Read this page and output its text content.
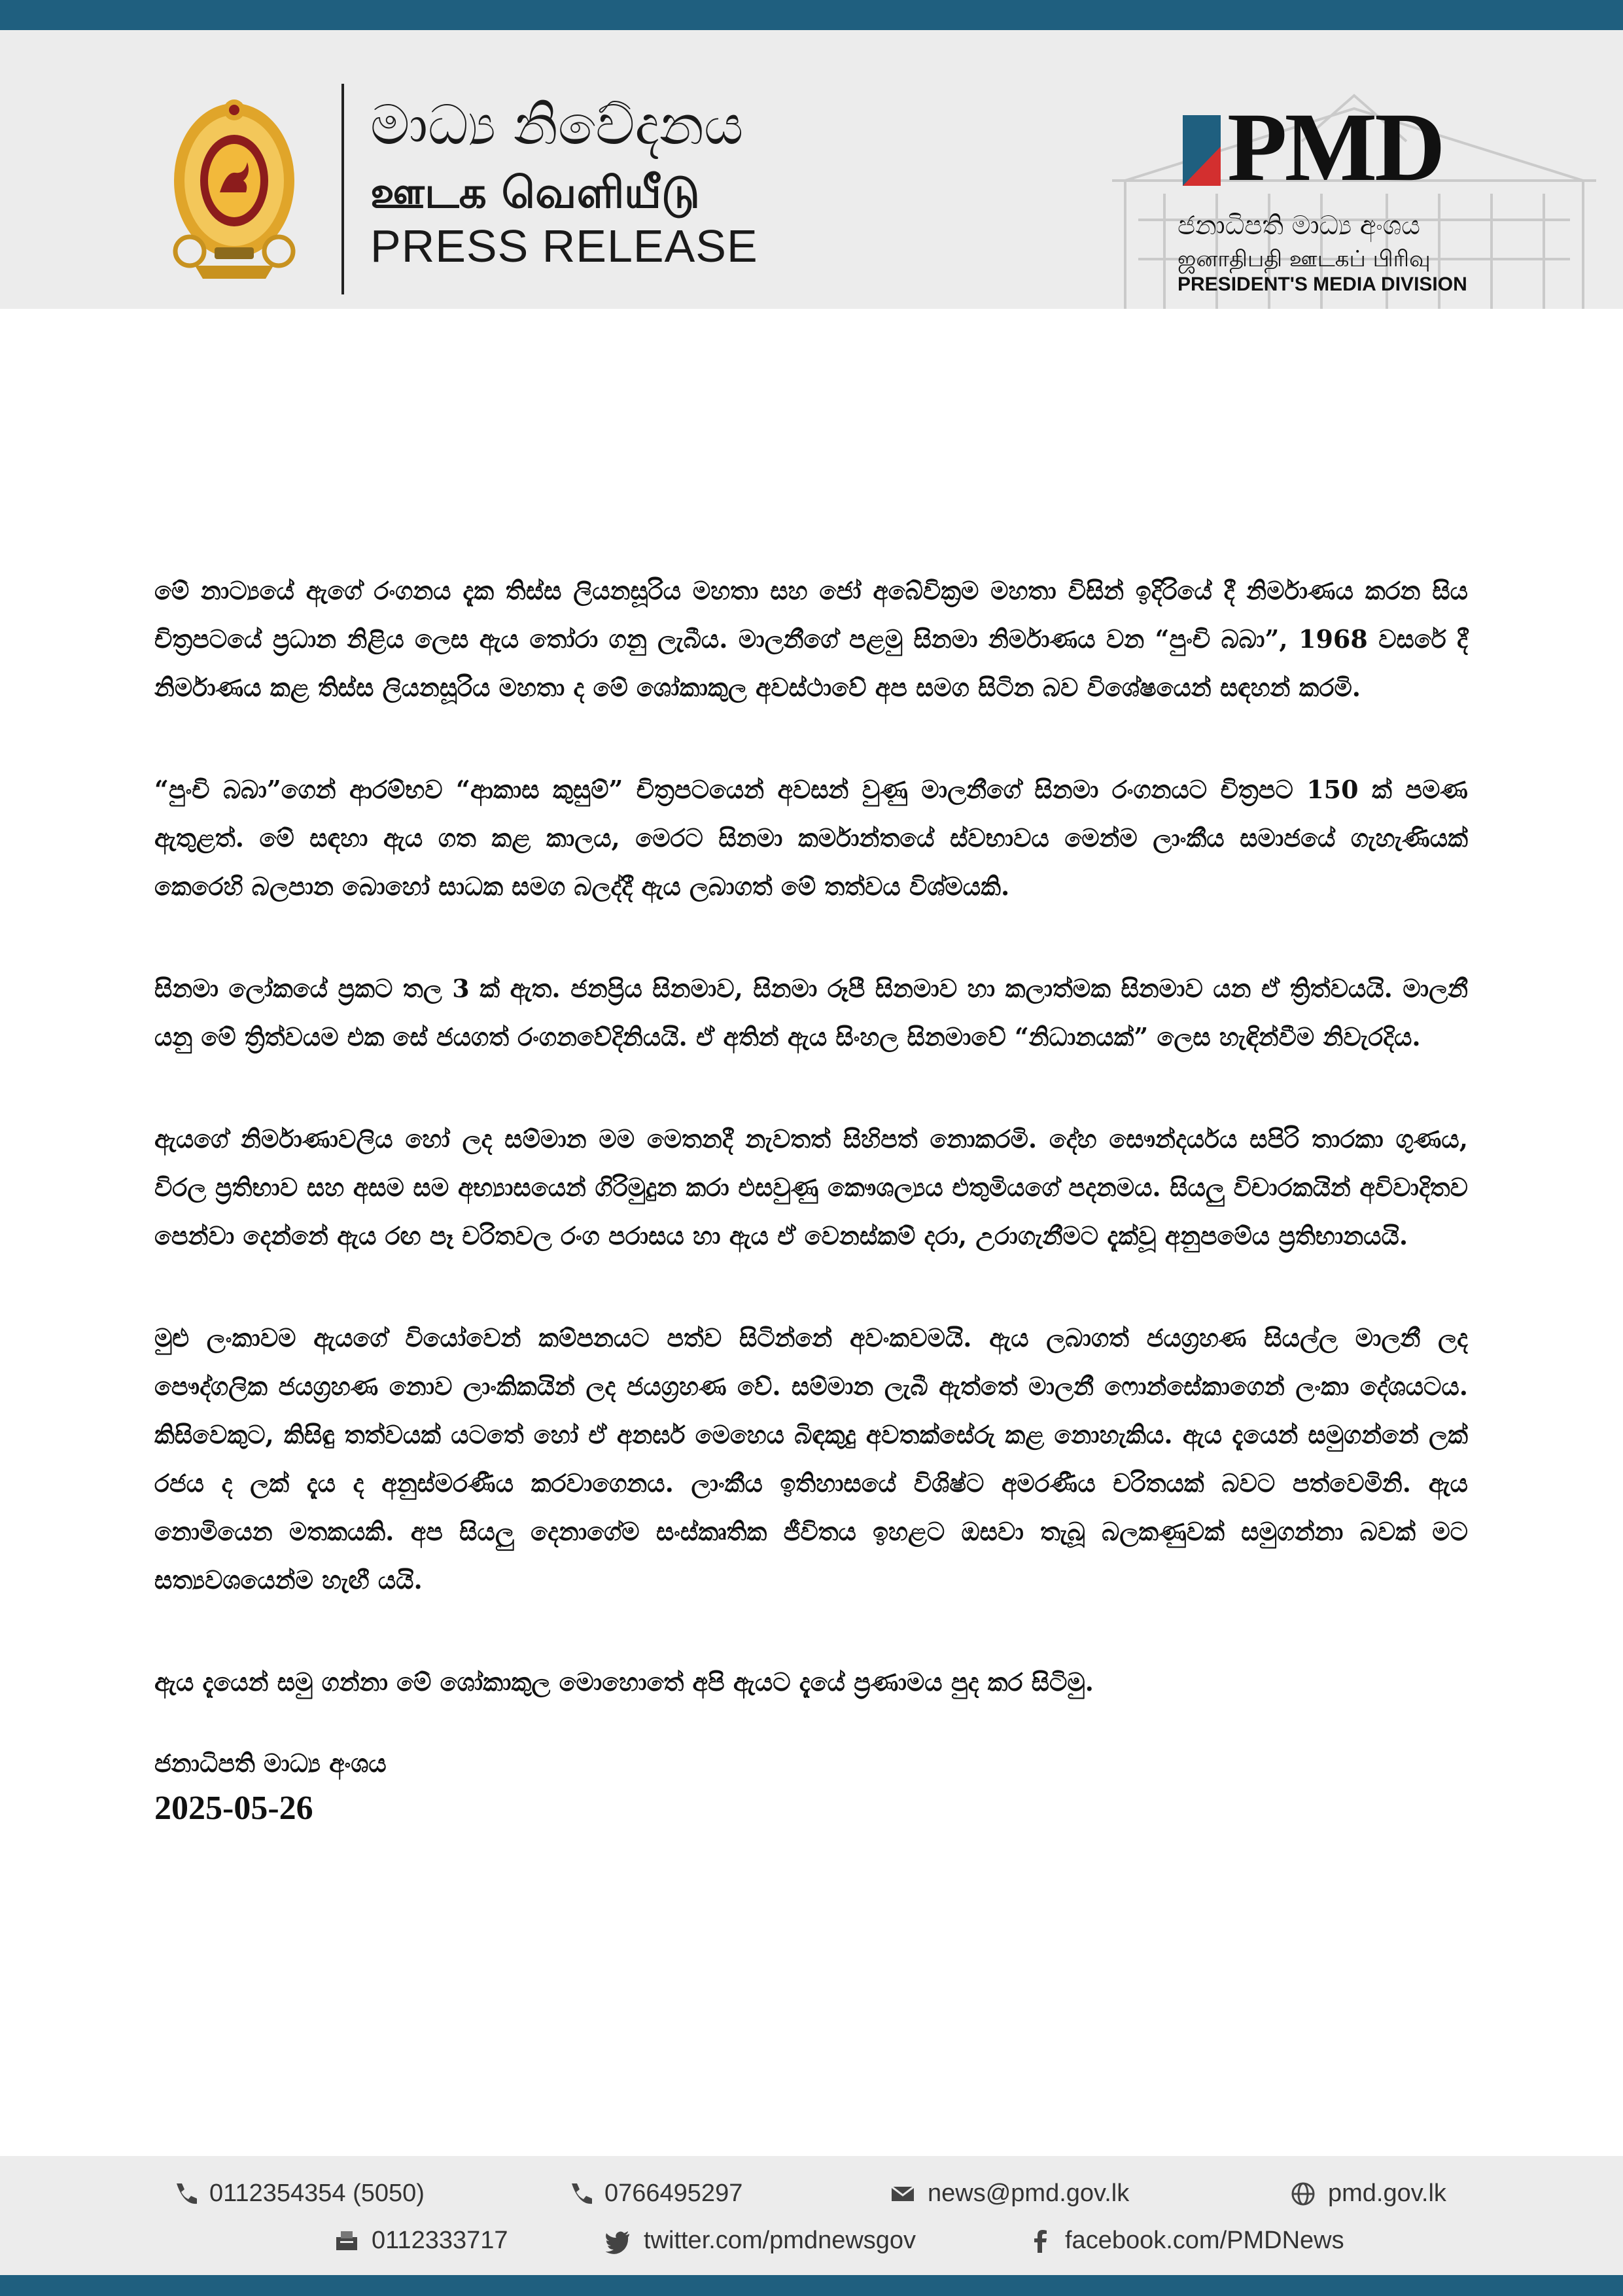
මාධ්‍ය නිවේදනය
ஊடக வெளியீடு
PRESS RELEASE
PMD
ජනාධිපති මාධ්‍ය අංශය
ஜனாதிபதி ஊடகப் பிரிவு
PRESIDENT'S MEDIA DIVISION

මේ නාට්‍යයේ ඇගේ රංගනය දැක තිස්ස ලියනසූරිය මහතා සහ ජෝ අබේවික්‍රම මහතා විසින් ඉදිරියේ දී නිර්මාණය කරන සිය චිත්‍රපටයේ ප්‍රධාන නිළිය ලෙස ඇය තෝරා ගනු ලැබීය. මාලනීගේ පළමු සිනමා නිර්මාණය වන “පුංචි බබා”, 1968 වසරේ දී නිර්මාණය කළ තිස්ස ලියනසූරිය මහතා ද මේ ශෝකාකුල අවස්ථාවේ අප සමග සිටින බව විශේෂයෙන් සඳහන් කරමි.

“පුංචි බබා”ගෙන් ආරම්භව “ආකාස කුසුම්” චිත්‍රපටයෙන් අවසන් වුණු මාලනීගේ සිනමා රංගනයට චිත්‍රපට 150 ක් පමණ ඇතුළත්. මේ සඳහා ඇය ගත කළ කාලය, මෙරට සිනමා කර්මාන්තයේ ස්වභාවය මෙන්ම ලාංකීය සමාජයේ ගැහැණියක් කෙරෙහි බලපාන බොහෝ සාධක සමග බලද්දී ඇය ලබාගත් මේ තත්වය විශ්මයකි.

සිනමා ලෝකයේ ප්‍රකට තල 3 ක් ඇත. ජනප්‍රිය සිනමාව, සිනමා රූපී සිනමාව හා කලාත්මක සිනමාව යන ඒ ත්‍රිත්වයයි. මාලනී යනු මේ ත්‍රිත්වයම එක සේ ජයගත් රංගනවේදිනියයි. ඒ අතින් ඇය සිංහල සිනමාවේ “නිධානයක්” ලෙස හැඳින්වීම නිවැරදිය.

ඇයගේ නිර්මාණාවලිය හෝ ලද සම්මාන මම මෙතනදී නැවතත් සිහිපත් නොකරමි. දේහ සෞන්දර්යය සපිරි තාරකා ගුණය, විරල ප්‍රතිභාව සහ අසම සම අභ්‍යාසයෙන් ගිරිමුදුන කරා එසවුණු කෞශල්‍යය එතුමියගේ පදනමය. සියලු විචාරකයින් අවිවාදිතව පෙන්වා දෙන්නේ ඇය රඟ පෑ චරිතවල රංග පරාසය හා ඇය ඒ වෙනස්කම් දරා, උරාගැනීමට දැක්වූ අනුපමේය ප්‍රතිභානයයි.

මුළු ලංකාවම ඇයගේ වියෝවෙන් කම්පනයට පත්ව සිටින්නේ අවංකවමයි. ඇය ලබාගත් ජයග්‍රහණ සියල්ල මාලනී ලද පෞද්ගලික ජයග්‍රහණ නොව ලාංකිකයින් ලද ජයග්‍රහණ වේ. සම්මාන ලැබී ඇත්තේ මාලනී ෆොන්සේකාගෙන් ලංකා දේශයටය. කිසිවෙකුට, කිසිඳු තත්වයක් යටතේ හෝ ඒ අනර්ඝ මෙහෙය බිඳකුදු අවතක්සේරු කළ නොහැකිය. ඇය දැයෙන් සමුගන්නේ ලක් රජය ද ලක් දැය ද අනුස්මරණීය කරවාගෙනය. ලාංකීය ඉතිහාසයේ විශිෂ්ට අමරණීය චරිතයක් බවට පත්වෙමිනි. ඇය නොමියෙන මතකයකි. අප සියලු දෙනාගේම සංස්කෘතික ජීවිතය ඉහළට ඔසවා තැබූ බලකණුවක් සමුගන්නා බවක් මට සත්‍යවශයෙන්ම හැඟී යයි.

ඇය දැයෙන් සමු ගන්නා මේ ශෝකාකුල මොහොතේ අපි ඇයට දැයේ ප්‍රණාමය පුද කර සිටිමු.

ජනාධිපති මාධ්‍ය අංශය

2025-05-26

0112354354 (5050)	0766495297	news@pmd.gov.lk	pmd.gov.lk
0112333717	twitter.com/pmdnewsgov	facebook.com/PMDNews
